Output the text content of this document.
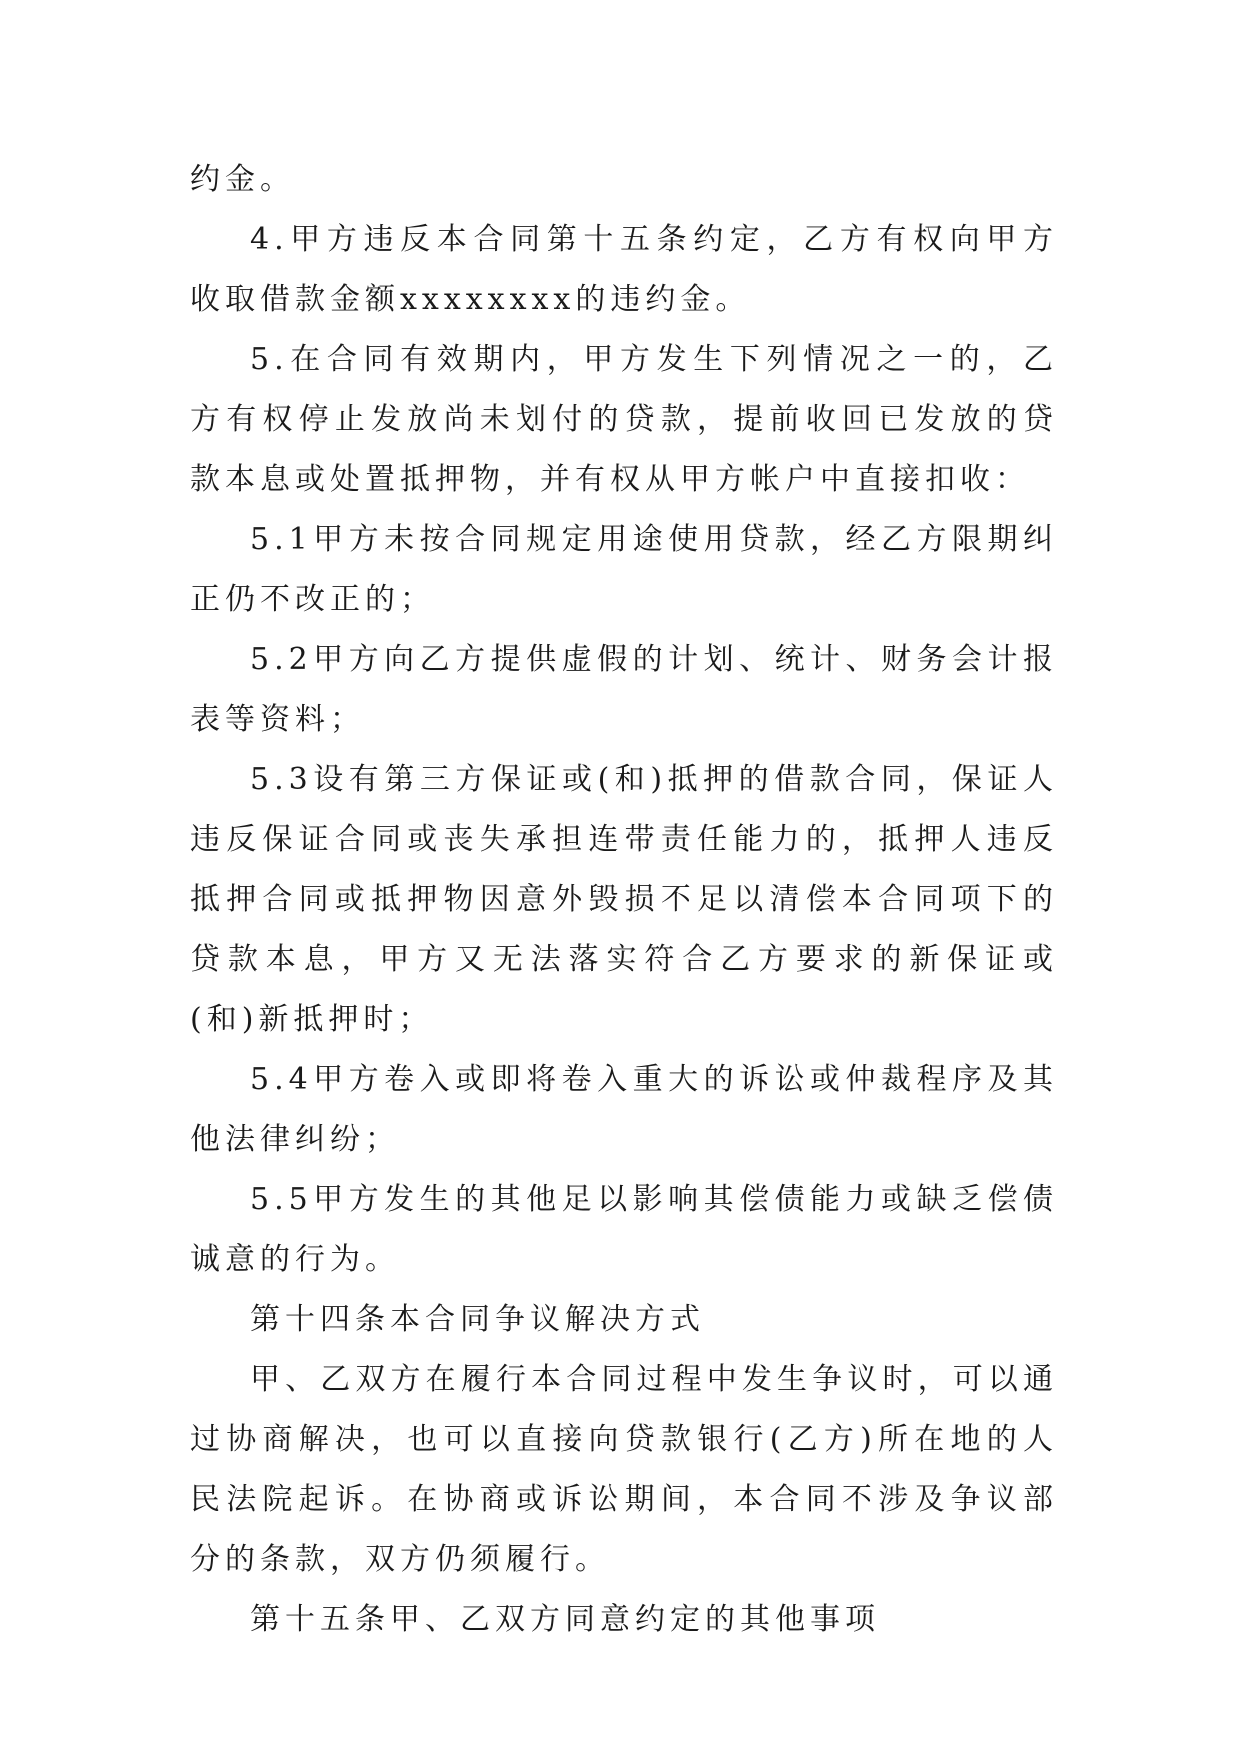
约金。

4.甲方违反本合同第十五条约定，乙方有权向甲方收取借款金额xxxxxxxx的违约金。

5.在合同有效期内，甲方发生下列情况之一的，乙方有权停止发放尚未划付的贷款，提前收回已发放的贷款本息或处置抵押物，并有权从甲方帐户中直接扣收：

5.1甲方未按合同规定用途使用贷款，经乙方限期纠正仍不改正的；

5.2甲方向乙方提供虚假的计划、统计、财务会计报表等资料；

5.3设有第三方保证或(和)抵押的借款合同，保证人违反保证合同或丧失承担连带责任能力的，抵押人违反抵押合同或抵押物因意外毁损不足以清偿本合同项下的贷款本息，甲方又无法落实符合乙方要求的新保证或(和)新抵押时；

5.4甲方卷入或即将卷入重大的诉讼或仲裁程序及其他法律纠纷；

5.5甲方发生的其他足以影响其偿债能力或缺乏偿债诚意的行为。

第十四条本合同争议解决方式

甲、乙双方在履行本合同过程中发生争议时，可以通过协商解决，也可以直接向贷款银行(乙方)所在地的人民法院起诉。在协商或诉讼期间，本合同不涉及争议部分的条款，双方仍须履行。

第十五条甲、乙双方同意约定的其他事项
